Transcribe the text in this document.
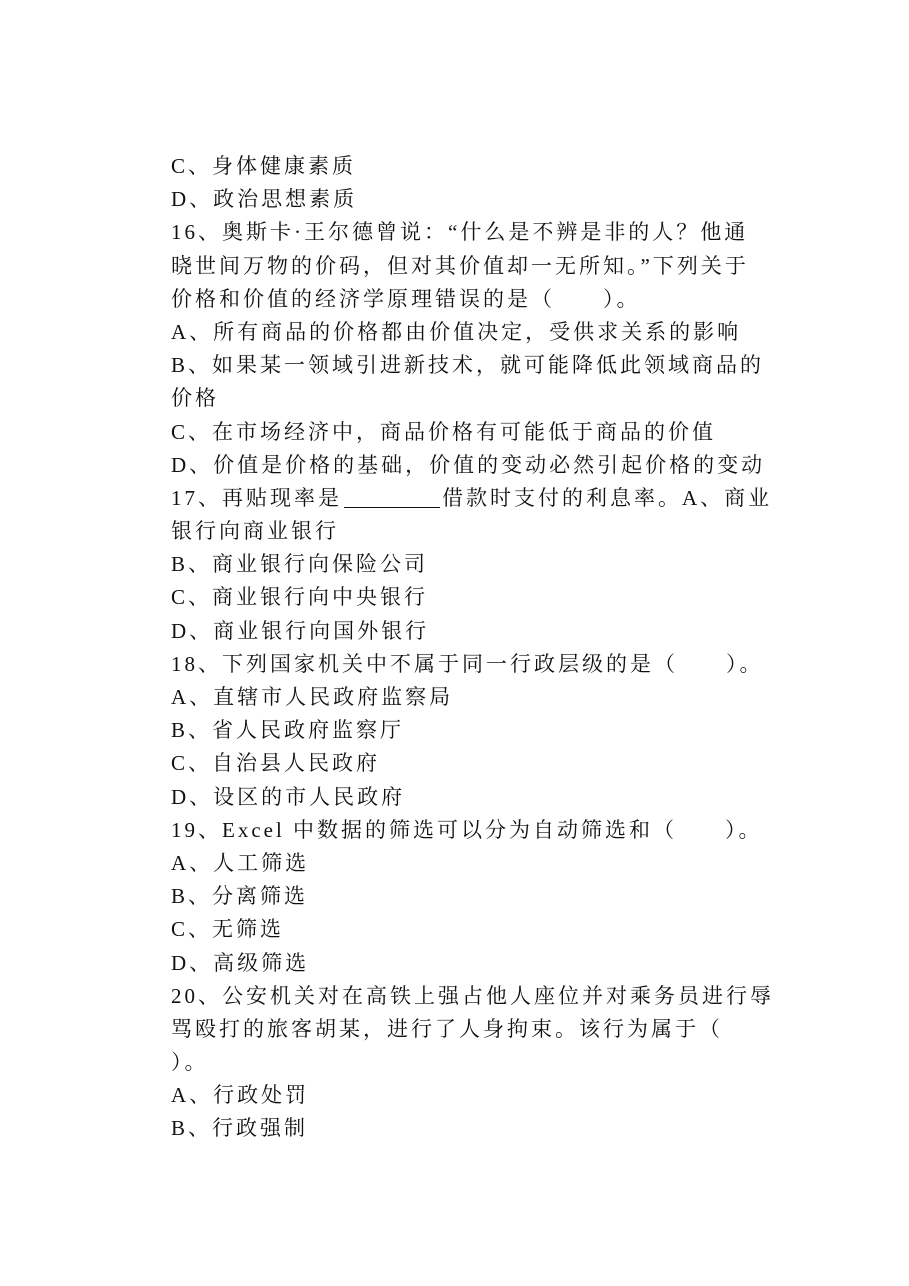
C、身体健康素质
D、政治思想素质
16、奥斯卡·王尔德曾说：“什么是不辨是非的人？他通
晓世间万物的价码，但对其价值却一无所知。”下列关于
价格和价值的经济学原理错误的是（　　）。
A、所有商品的价格都由价值决定，受供求关系的影响
B、如果某一领域引进新技术，就可能降低此领域商品的
价格
C、在市场经济中，商品价格有可能低于商品的价值
D、价值是价格的基础，价值的变动必然引起价格的变动
17、再贴现率是	借款时支付的利息率。A、商业
银行向商业银行
B、商业银行向保险公司
C、商业银行向中央银行
D、商业银行向国外银行
18、下列国家机关中不属于同一行政层级的是（　　）。
A、直辖市人民政府监察局
B、省人民政府监察厅
C、自治县人民政府
D、设区的市人民政府
19、Excel 中数据的筛选可以分为自动筛选和（　　）。
A、人工筛选
B、分离筛选
C、无筛选
D、高级筛选
20、公安机关对在高铁上强占他人座位并对乘务员进行辱
骂殴打的旅客胡某，进行了人身拘束。该行为属于（
）。
A、行政处罚
B、行政强制
